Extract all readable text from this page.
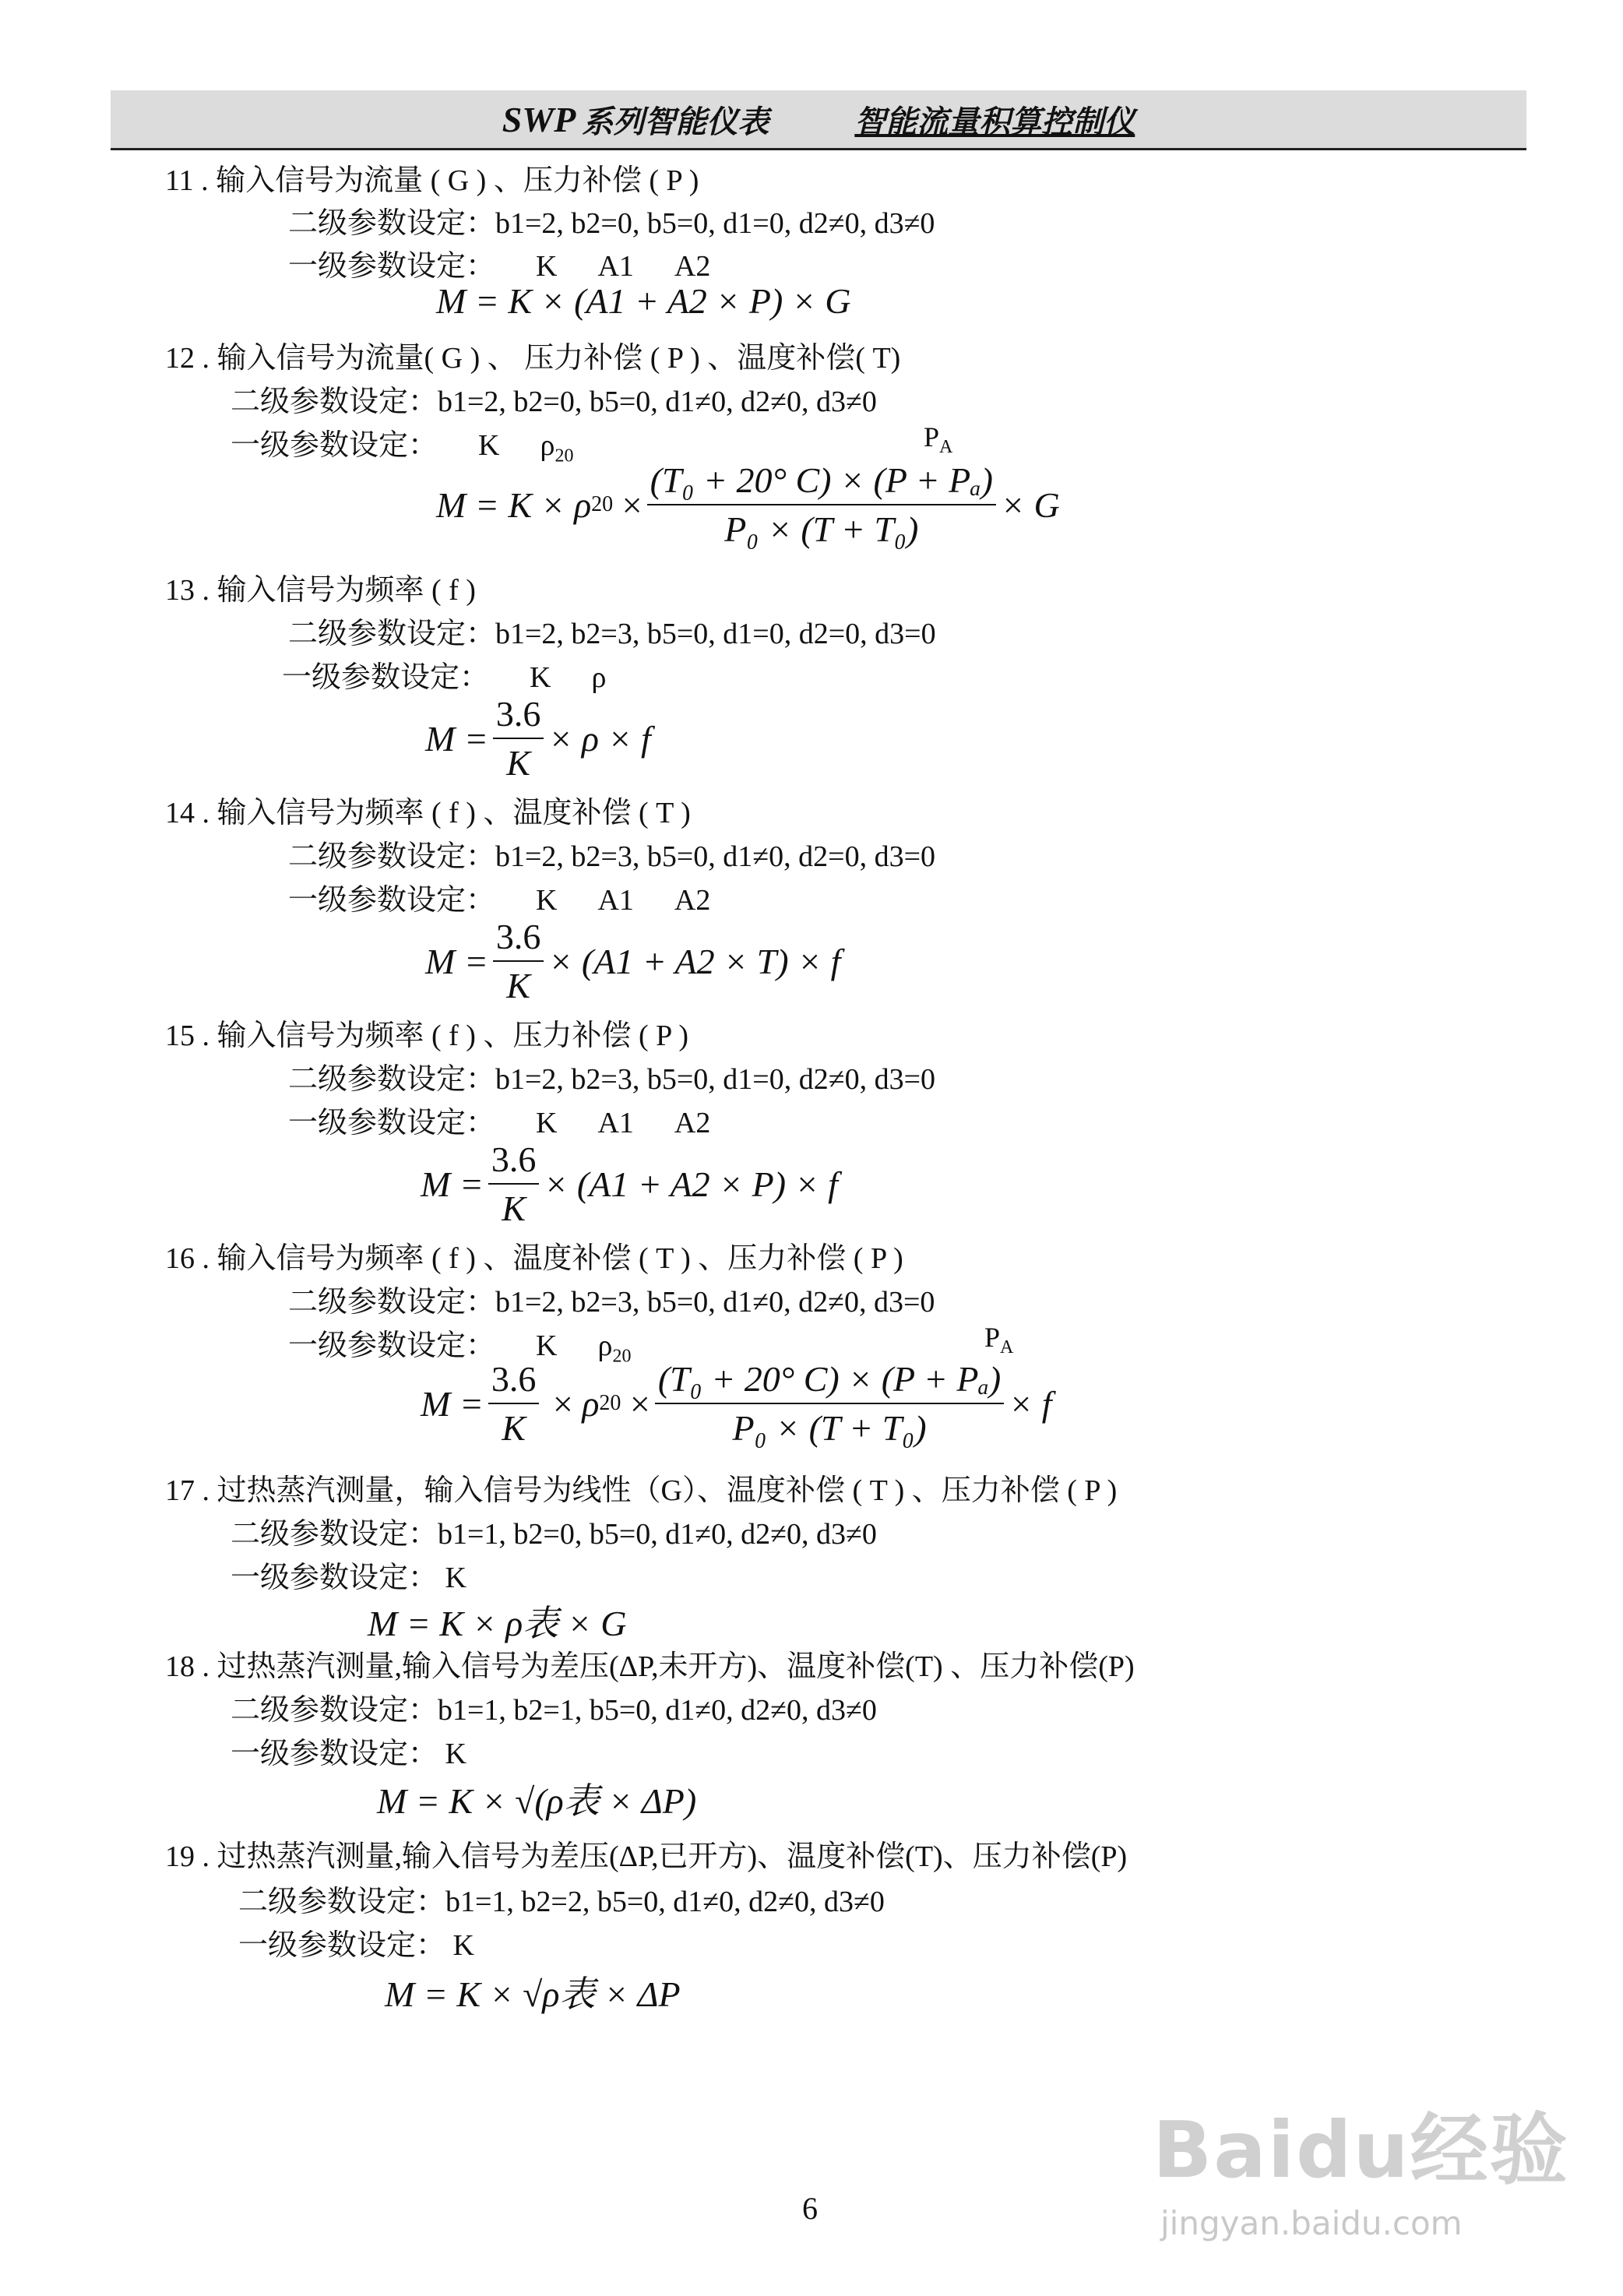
SWP 系列智能仪表	智能流量积算控制仪
11 . 输入信号为流量 ( G ) 、压力补偿 ( P )
二级参数设定：b1=2, b2=0, b5=0, d1=0, d2≠0, d3≠0
一级参数设定： K A1 A2
M = K × (A1 + A2 × P) × G
12 . 输入信号为流量( G ) 、 压力补偿 ( P ) 、温度补偿( T)
二级参数设定：b1=2, b2=0, b5=0, d1≠0, d2≠0, d3≠0
一级参数设定： K $\rho_{20}$
$P_A$
M = K × ρ $20 \times \frac{\text{(T₀ + 20° C) × (P + Pₐ)}}{\text{P₀ × (T + T₀)}} \times G$
13 . 输入信号为频率 ( f )
二级参数设定：b1=2, b2=3, b5=0, d1=0, d2=0, d3=0
一级参数设定： K ρ
$M = \frac{3.6}{K} \times \rho \times f$
14 . 输入信号为频率 ( f ) 、温度补偿 ( T )
二级参数设定：b1=2, b2=3, b5=0, d1≠0, d2=0, d3=0
一级参数设定： K A1 A2
$M = \frac{3.6}{K} \times (A1 + A2 \times T) \times f$
15 . 输入信号为频率 ( f ) 、压力补偿 ( P )
二级参数设定：b1=2, b2=3, b5=0, d1=0, d2≠0, d3=0
一级参数设定： K A1 A2
$M = \frac{3.6}{K} \times (A1 + A2 \times P) \times f$
16 . 输入信号为频率 ( f ) 、温度补偿 ( T ) 、压力补偿 ( P )
二级参数设定：b1=2, b2=3, b5=0, d1≠0, d2≠0, d3=0
一级参数设定： K $\rho_{20}$
$P_A$
$M = \frac{3.6}{K} \times \rho$ $20 \times \frac{\text{(T₀ + 20° C) × (P + Pₐ)}}{\text{P₀ × (T + T₀)}} \times f$
17 . 过热蒸汽测量，输入信号为线性（G）、温度补偿 ( T ) 、压力补偿 ( P )
二级参数设定：b1=1, b2=0, b5=0, d1≠0, d2≠0, d3≠0
一级参数设定： K
M = K × ρ表 × G
18 . 过热蒸汽测量,输入信号为差压(ΔP,未开方)、温度补偿(T) 、压力补偿(P)
二级参数设定：b1=1, b2=1, b5=0, d1≠0, d2≠0, d3≠0
一级参数设定： K
M = K × √(ρ表 × ΔP)
19 . 过热蒸汽测量,输入信号为差压(ΔP,已开方)、温度补偿(T)、压力补偿(P)
二级参数设定：b1=1, b2=2, b5=0, d1≠0, d2≠0, d3≠0
一级参数设定： K
M = K × √ρ表 × ΔP
6
Baidu经验
jingyan.baidu.com
